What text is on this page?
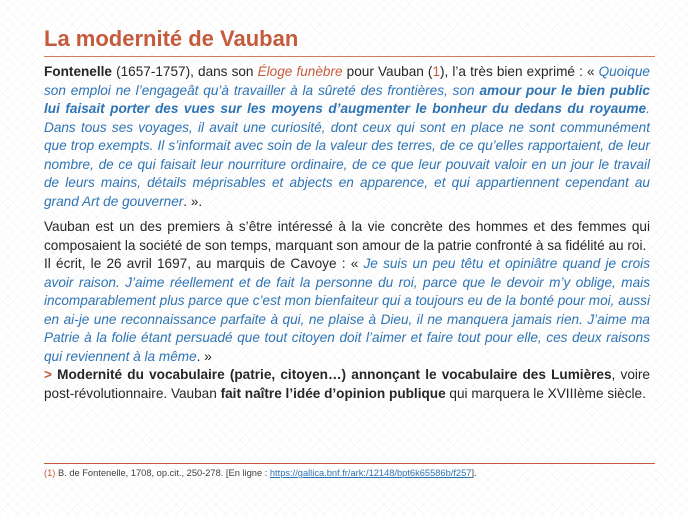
La modernité de Vauban

Fontenelle (1657-1757), dans son Éloge funèbre pour Vauban (1), l’a très bien exprimé : « Quoique son emploi ne l’engageât qu’à travailler à la sûreté des frontières, son amour pour le bien public lui faisait porter des vues sur les moyens d’augmenter le bonheur du dedans du royaume. Dans tous ses voyages, il avait une curiosité, dont ceux qui sont en place ne sont communément que trop exempts. Il s’informait avec soin de la valeur des terres, de ce qu’elles rapportaient, de leur nombre, de ce qui faisait leur nourriture ordinaire, de ce que leur pouvait valoir en un jour le travail de leurs mains, détails méprisables et abjects en apparence, et qui appartiennent cependant au grand Art de gouverner. ».

Vauban est un des premiers à s’être intéressé à la vie concrète des hommes et des femmes qui composaient la société de son temps, marquant son amour de la patrie confronté à sa fidélité au roi.

Il écrit, le 26 avril 1697, au marquis de Cavoye : « Je suis un peu têtu et opiniâtre quand je crois avoir raison. J’aime réellement et de fait la personne du roi, parce que le devoir m’y oblige, mais incomparablement plus parce que c’est mon bienfaiteur qui a toujours eu de la bonté pour moi, aussi en ai-je une reconnaissance parfaite à qui, ne plaise à Dieu, il ne manquera jamais rien. J’aime ma Patrie à la folie étant persuadé que tout citoyen doit l’aimer et faire tout pour elle, ces deux raisons qui reviennent à la même. »

> Modernité du vocabulaire (patrie, citoyen…) annonçant le vocabulaire des Lumières, voire post-révolutionnaire. Vauban fait naître l’idée d’opinion publique qui marquera le XVIIIème siècle.

(1) B. de Fontenelle, 1708, op.cit., 250-278. [En ligne : https://gallica.bnf.fr/ark:/12148/bpt6k65586b/f257].
